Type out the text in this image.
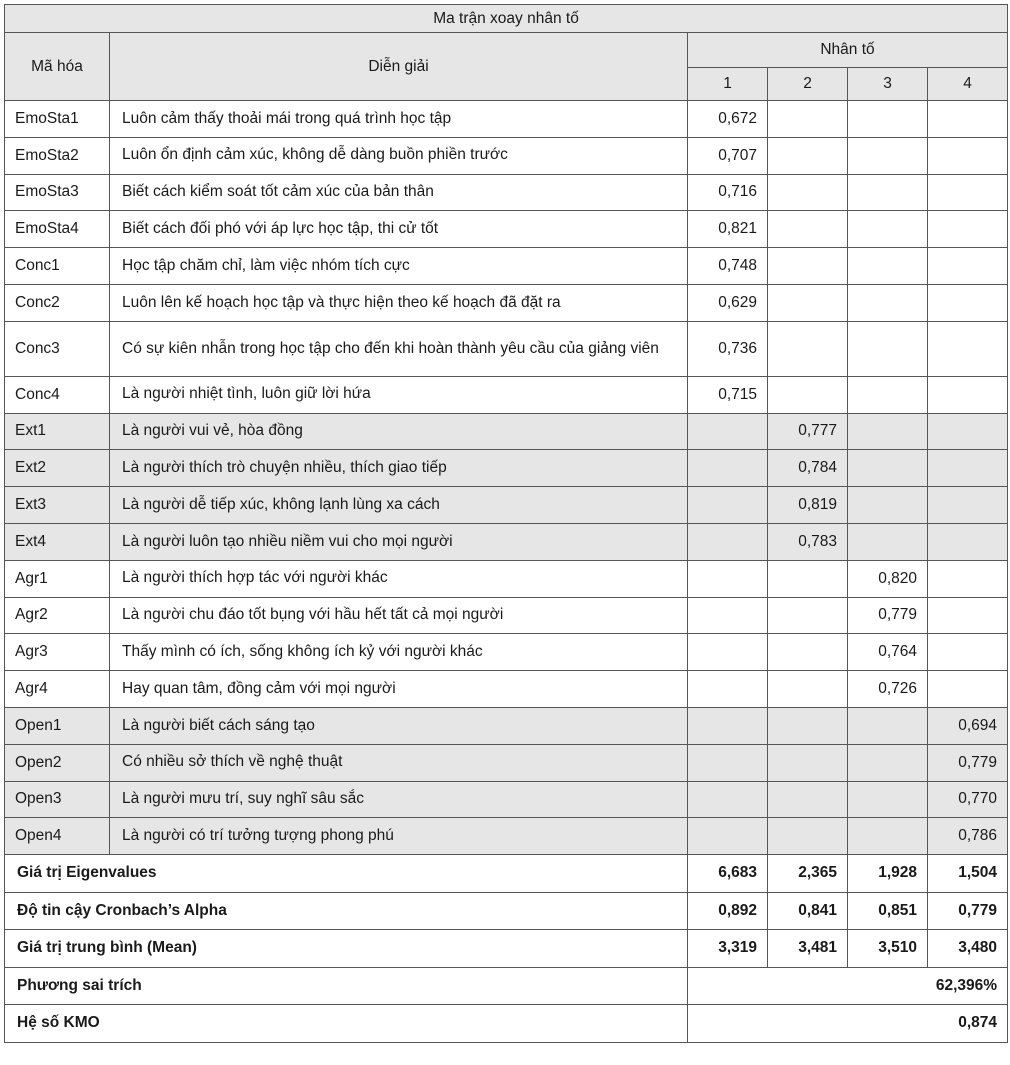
Ma trận xoay nhân tố					
Mã hóa	Diễn giải	Nhân tố			
		1	2	3	4
EmoSta1	Luôn cảm thấy thoải mái trong quá trình học tập	0,672			
EmoSta2	Luôn ổn định cảm xúc, không dễ dàng buồn phiền trước	0,707			
EmoSta3	Biết cách kiểm soát tốt cảm xúc của bản thân	0,716			
EmoSta4	Biết cách đối phó với áp lực học tập, thi cử tốt	0,821			
Conc1	Học tập chăm chỉ, làm việc nhóm tích cực	0,748			
Conc2	Luôn lên kế hoạch học tập và thực hiện theo kế hoạch đã đặt ra	0,629			
Conc3	Có sự kiên nhẫn trong học tập cho đến khi hoàn thành yêu cầu của giảng viên	0,736			
Conc4	Là người nhiệt tình, luôn giữ lời hứa	0,715			
Ext1	Là người vui vẻ, hòa đồng		0,777		
Ext2	Là người thích trò chuyện nhiều, thích giao tiếp		0,784		
Ext3	Là người dễ tiếp xúc, không lạnh lùng xa cách		0,819		
Ext4	Là người luôn tạo nhiều niềm vui cho mọi người		0,783		
Agr1	Là người thích hợp tác với người khác			0,820	
Agr2	Là người chu đáo tốt bụng với hầu hết tất cả mọi người			0,779	
Agr3	Thấy mình có ích, sống không ích kỷ với người khác			0,764	
Agr4	Hay quan tâm, đồng cảm với mọi người			0,726	
Open1	Là người biết cách sáng tạo				0,694
Open2	Có nhiều sở thích về nghệ thuật				0,779
Open3	Là người mưu trí, suy nghĩ sâu sắc				0,770
Open4	Là người có trí tưởng tượng phong phú				0,786
Giá trị Eigenvalues		6,683	2,365	1,928	1,504
Độ tin cậy Cronbach’s Alpha		0,892	0,841	0,851	0,779
Giá trị trung bình (Mean)		3,319	3,481	3,510	3,480
Phương sai trích		62,396%			
Hệ số KMO		0,874			
